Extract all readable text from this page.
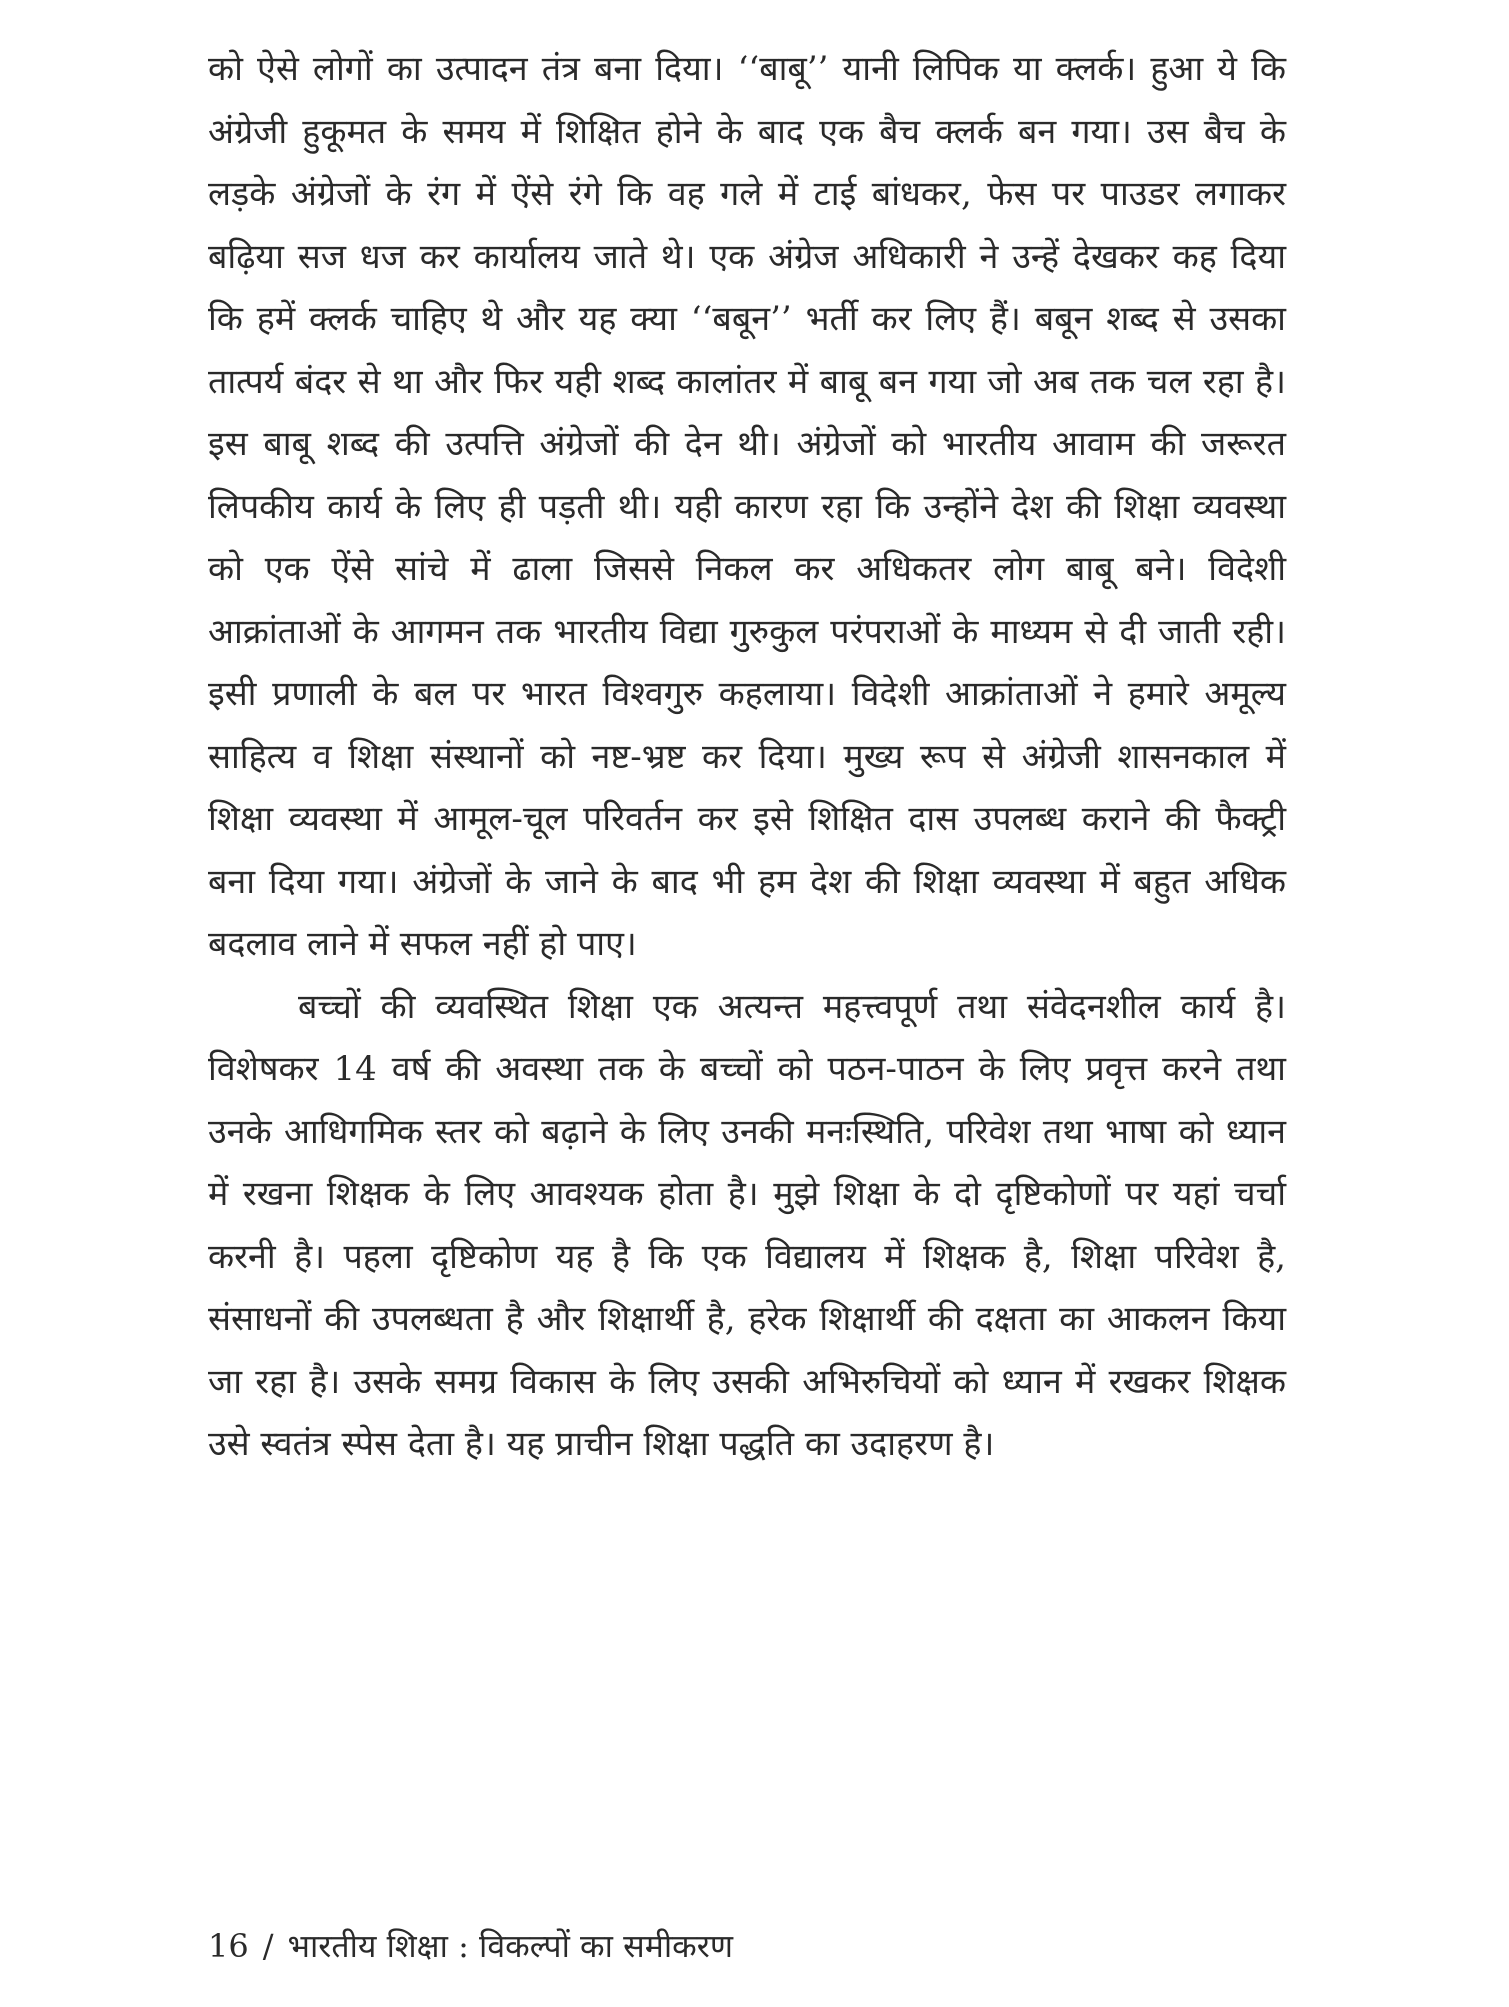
को ऐसे लोगों का उत्पादन तंत्र बना दिया। ‘‘बाबू’’ यानी लिपिक या क्लर्क। हुआ ये कि अंग्रेजी हुकूमत के समय में शिक्षित होने के बाद एक बैच क्लर्क बन गया। उस बैच के लड़के अंग्रेजों के रंग में ऐंसे रंगे कि वह गले में टाई बांधकर, फेस पर पाउडर लगाकर बढ़िया सज धज कर कार्यालय जाते थे। एक अंग्रेज अधिकारी ने उन्हें देखकर कह दिया कि हमें क्लर्क चाहिए थे और यह क्या ‘‘बबून’’ भर्ती कर लिए हैं। बबून शब्द से उसका तात्पर्य बंदर से था और फिर यही शब्द कालांतर में बाबू बन गया जो अब तक चल रहा है। इस बाबू शब्द की उत्पत्ति अंग्रेजों की देन थी। अंग्रेजों को भारतीय आवाम की जरूरत लिपकीय कार्य के लिए ही पड़ती थी। यही कारण रहा कि उन्होंने देश की शिक्षा व्यवस्था को एक ऐंसे सांचे में ढाला जिससे निकल कर अधिकतर लोग बाबू बने। विदेशी आक्रांताओं के आगमन तक भारतीय विद्या गुरुकुल परंपराओं के माध्यम से दी जाती रही। इसी प्रणाली के बल पर भारत विश्वगुरु कहलाया। विदेशी आक्रांताओं ने हमारे अमूल्य साहित्य व शिक्षा संस्थानों को नष्ट-भ्रष्ट कर दिया। मुख्य रूप से अंग्रेजी शासनकाल में शिक्षा व्यवस्था में आमूल-चूल परिवर्तन कर इसे शिक्षित दास उपलब्ध कराने की फैक्ट्री बना दिया गया। अंग्रेजों के जाने के बाद भी हम देश की शिक्षा व्यवस्था में बहुत अधिक बदलाव लाने में सफल नहीं हो पाए।

बच्चों की व्यवस्थित शिक्षा एक अत्यन्त महत्त्वपूर्ण तथा संवेदनशील कार्य है। विशेषकर 14 वर्ष की अवस्था तक के बच्चों को पठन-पाठन के लिए प्रवृत्त करने तथा उनके आधिगमिक स्तर को बढ़ाने के लिए उनकी मनःस्थिति, परिवेश तथा भाषा को ध्यान में रखना शिक्षक के लिए आवश्यक होता है। मुझे शिक्षा के दो दृष्टिकोणों पर यहां चर्चा करनी है। पहला दृष्टिकोण यह है कि एक विद्यालय में शिक्षक है, शिक्षा परिवेश है, संसाधनों की उपलब्धता है और शिक्षार्थी है, हरेक शिक्षार्थी की दक्षता का आकलन किया जा रहा है। उसके समग्र विकास के लिए उसकी अभिरुचियों को ध्यान में रखकर शिक्षक उसे स्वतंत्र स्पेस देता है। यह प्राचीन शिक्षा पद्धति का उदाहरण है।

16 / भारतीय शिक्षा : विकल्पों का समीकरण
